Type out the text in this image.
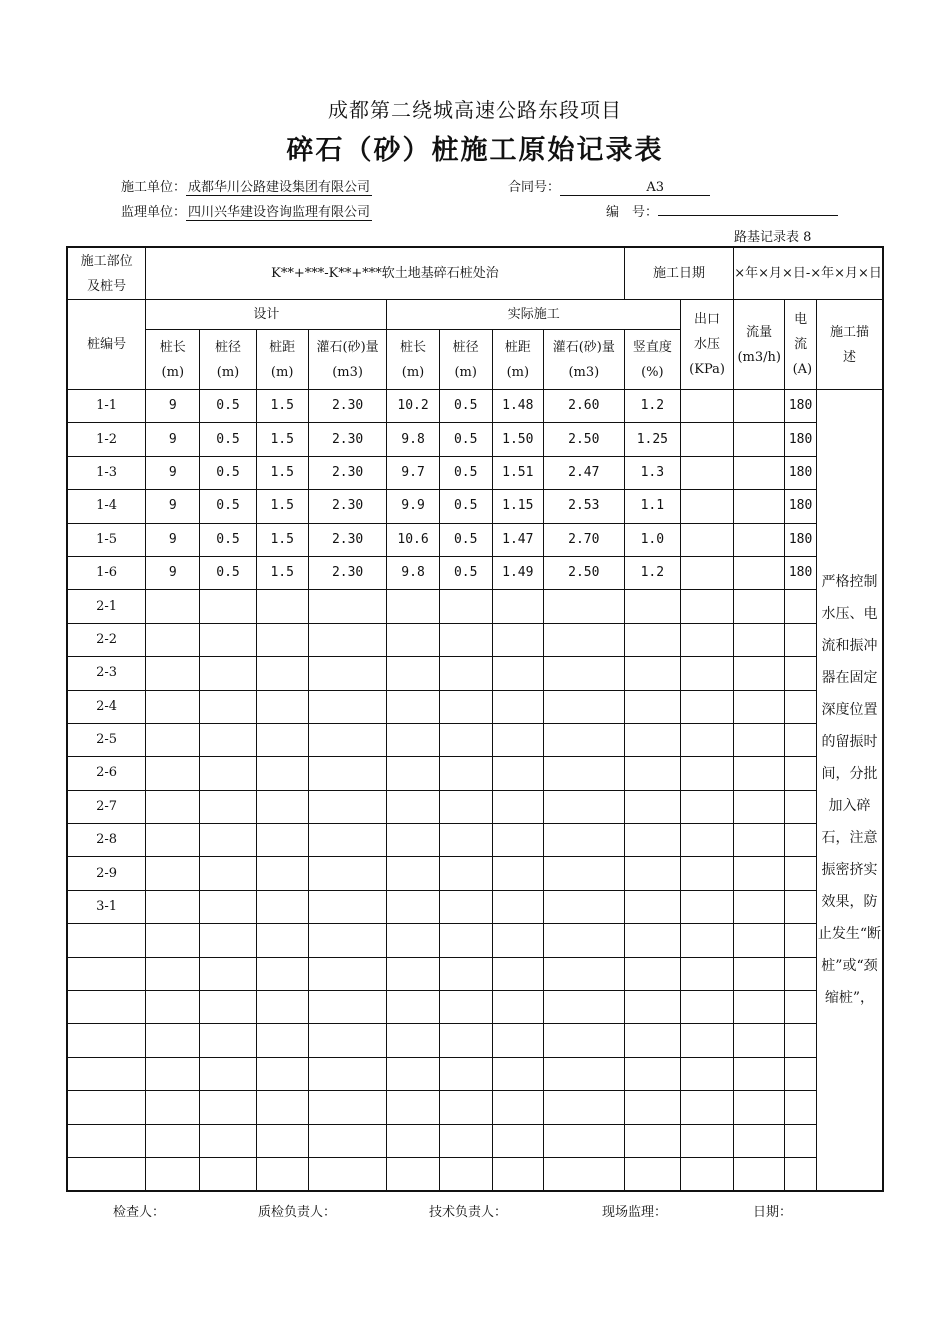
成都第二绕城高速公路东段项目
碎石（砂）桩施工原始记录表
施工单位： 成都华川公路建设集团有限公司	合同号：	A3
监理单位： 四川兴华建设咨询监理有限公司	编　号：
路基记录表 8
施工部位及桩号	K**+***-K**+***软土地基碎石桩处治								施工日期		×年×月×日-×年×月×日		
桩编号	设计				实际施工					出口水压(KPa)	流量(m3/h)	电流(A)	施工描述
	桩长(m)	桩径(m)	桩距(m)	灌石(砂)量(m3)	桩长(m)	桩径(m)	桩距(m)	灌石(砂)量(m3)	竖直度(%)				
1-1	9	0.5	1.5	2.30	10.2	0.5	1.48	2.60	1.2			180	严格控制水压、电流和振冲器在固定深度位置的留振时间，分批加入碎石，注意振密挤实效果，防止发生“断桩”或“颈缩桩”，
1-2	9	0.5	1.5	2.30	9.8	0.5	1.50	2.50	1.25			180	
1-3	9	0.5	1.5	2.30	9.7	0.5	1.51	2.47	1.3			180	
1-4	9	0.5	1.5	2.30	9.9	0.5	1.15	2.53	1.1			180	
1-5	9	0.5	1.5	2.30	10.6	0.5	1.47	2.70	1.0			180	
1-6	9	0.5	1.5	2.30	9.8	0.5	1.49	2.50	1.2			180	
2-1													
2-2													
2-3													
2-4													
2-5													
2-6													
2-7													
2-8													
2-9													
3-1													

检查人：	质检负责人：	技术负责人：	现场监理：	日期：
